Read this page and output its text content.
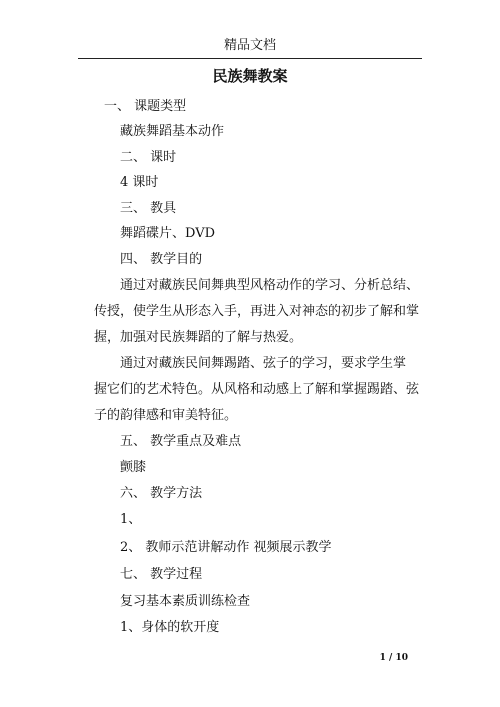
精品文档
民族舞教案
一、 课题类型
藏族舞蹈基本动作
二、 课时
4 课时
三、 教具
舞蹈碟片、DVD
四、 教学目的
通过对藏族民间舞典型风格动作的学习、分析总结、
传授，使学生从形态入手，再进入对神态的初步了解和掌
握，加强对民族舞蹈的了解与热爱。
通过对藏族民间舞踢踏、弦子的学习，要求学生掌
握它们的艺术特色。从风格和动感上了解和掌握踢踏、弦
子的韵律感和审美特征。
五、 教学重点及难点
颤膝
六、 教学方法
1、
2、 教师示范讲解动作 视频展示教学
七、 教学过程
复习基本素质训练检查
1、身体的软开度
1 / 10
